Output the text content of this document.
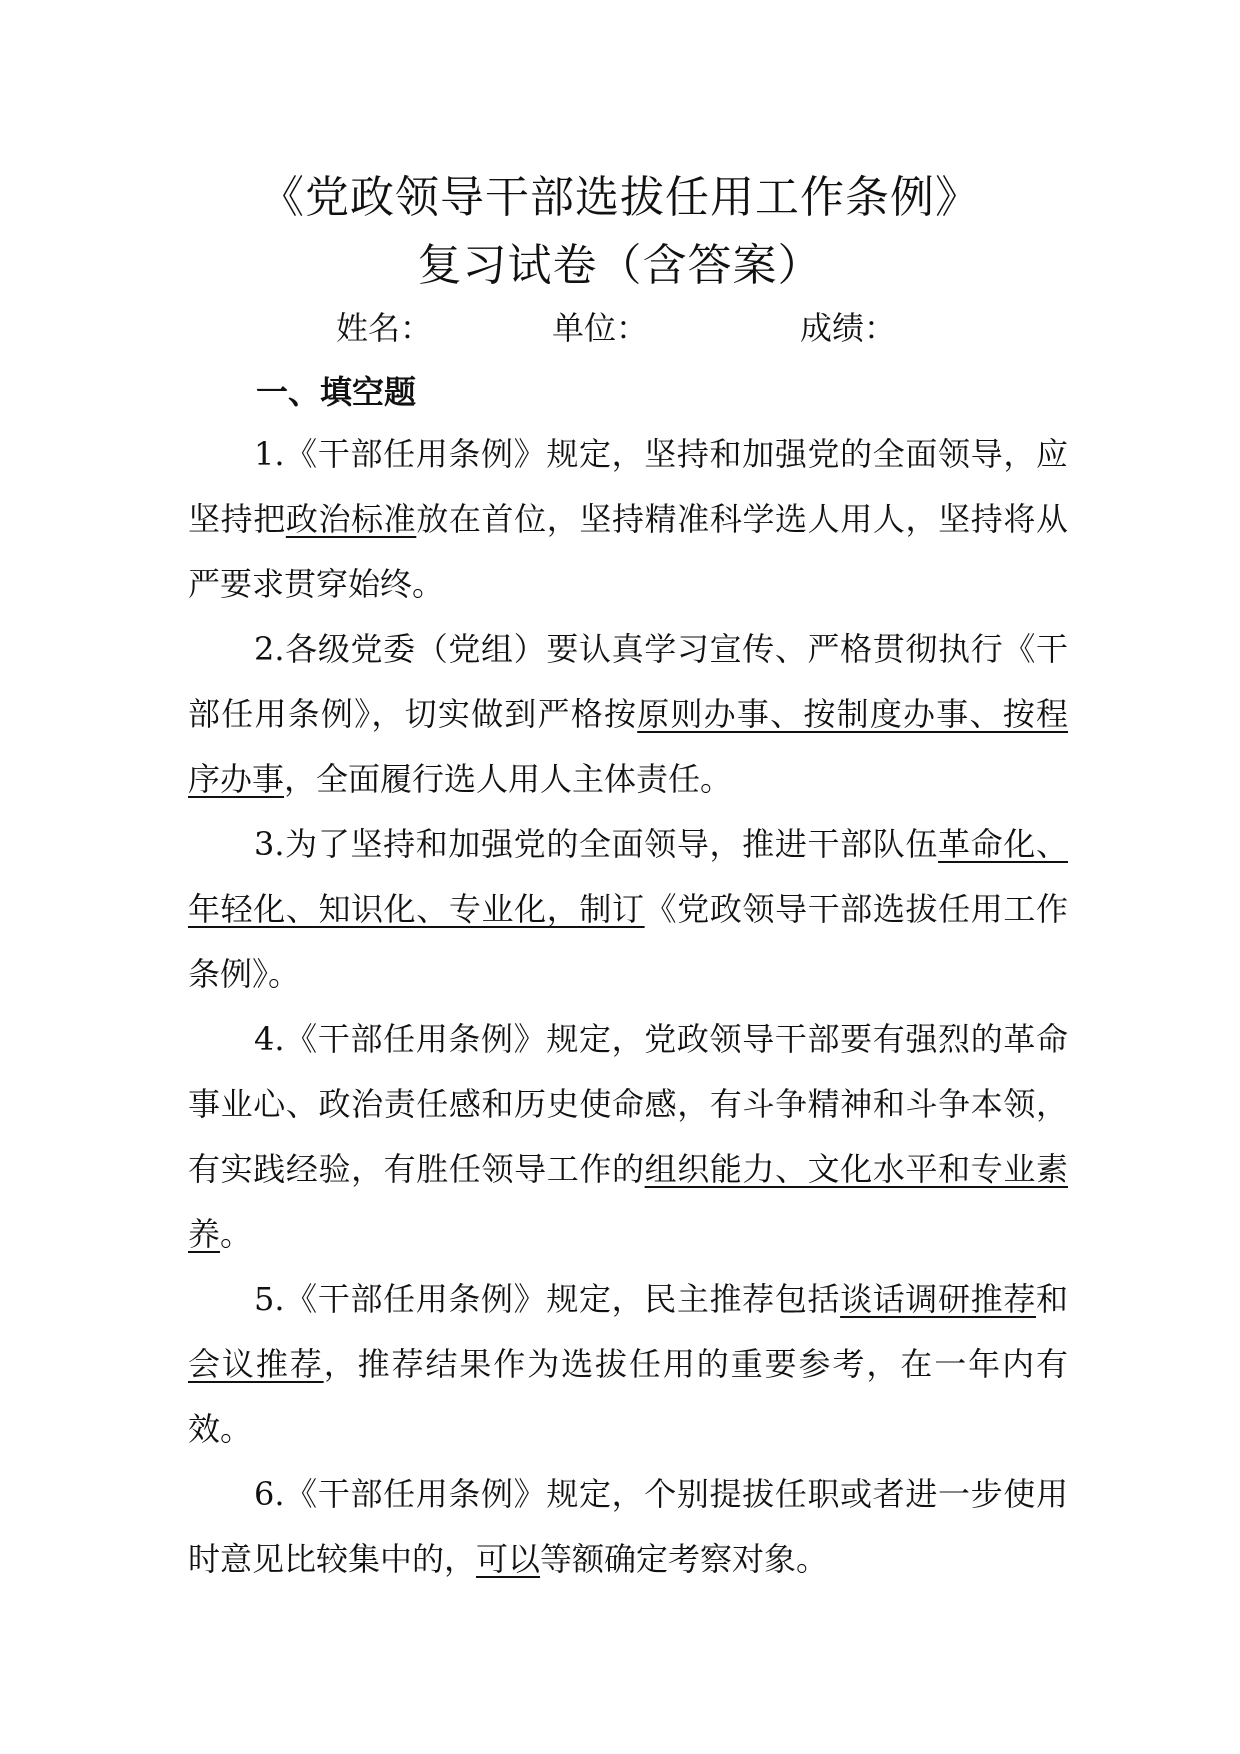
《党政领导干部选拔任用工作条例》
复习试卷（含答案）
姓名：	单位：	成绩：
一、填空题

1.《干部任用条例》规定，坚持和加强党的全面领导，应坚持把政治标准放在首位，坚持精准科学选人用人，坚持将从严要求贯穿始终。

2.各级党委（党组）要认真学习宣传、严格贯彻执行《干部任用条例》，切实做到严格按原则办事、按制度办事、按程序办事，全面履行选人用人主体责任。

3.为了坚持和加强党的全面领导，推进干部队伍革命化、年轻化、知识化、专业化，制订《党政领导干部选拔任用工作条例》。

4.《干部任用条例》规定，党政领导干部要有强烈的革命事业心、政治责任感和历史使命感，有斗争精神和斗争本领，有实践经验，有胜任领导工作的组织能力、文化水平和专业素养。

5.《干部任用条例》规定，民主推荐包括谈话调研推荐和会议推荐，推荐结果作为选拔任用的重要参考，在一年内有效。

6.《干部任用条例》规定，个别提拔任职或者进一步使用时意见比较集中的，可以等额确定考察对象。
